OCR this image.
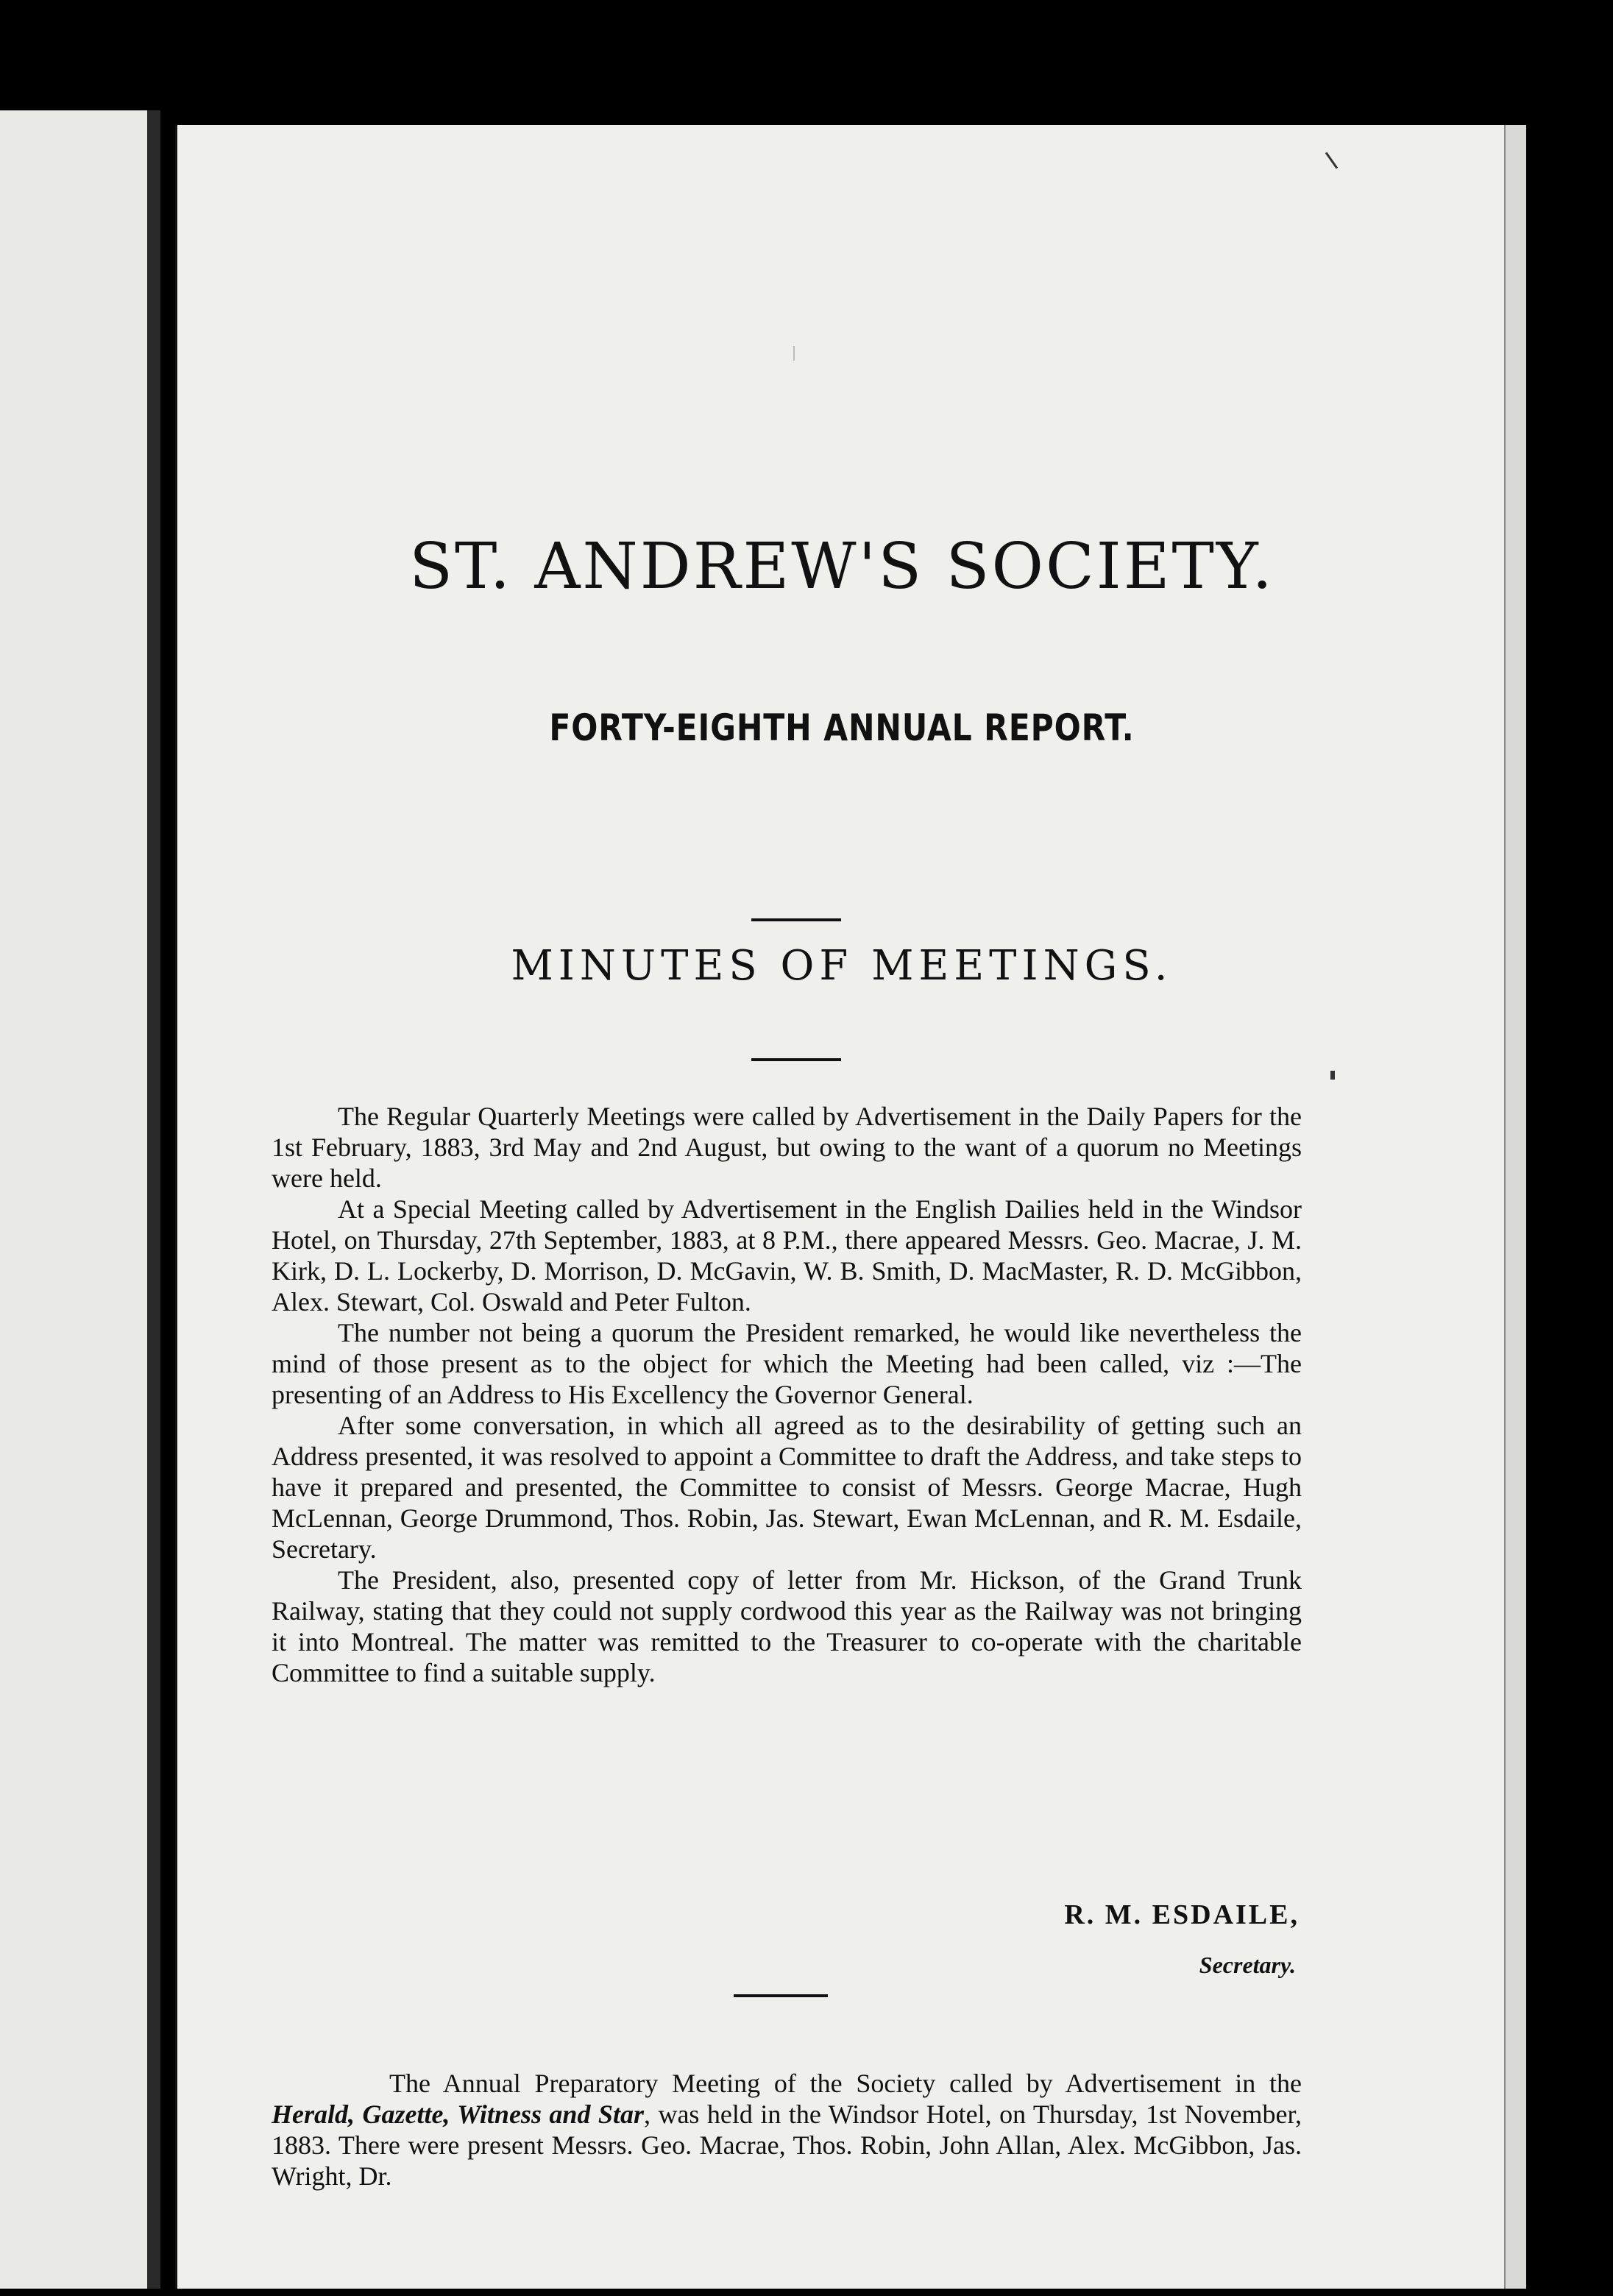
ST. ANDREW'S SOCIETY.
FORTY-EIGHTH ANNUAL REPORT.
MINUTES OF MEETINGS.

The Regular Quarterly Meetings were called by Advertisement in the Daily Papers for the 1st February, 1883, 3rd May and 2nd August, but owing to the want of a quorum no Meetings were held.

At a Special Meeting called by Advertisement in the English Dailies held in the Windsor Hotel, on Thursday, 27th September, 1883, at 8 P.M., there appeared Messrs. Geo. Macrae, J. M. Kirk, D. L. Lockerby, D. Morrison, D. McGavin, W. B. Smith, D. MacMaster, R. D. McGibbon, Alex. Stewart, Col. Oswald and Peter Fulton.

The number not being a quorum the President remarked, he would like nevertheless the mind of those present as to the object for which the Meeting had been called, viz :—The presenting of an Address to His Excellency the Governor General.

After some conversation, in which all agreed as to the desirability of getting such an Address presented, it was resolved to appoint a Committee to draft the Address, and take steps to have it prepared and presented, the Committee to consist of Messrs. George Macrae, Hugh McLennan, George Drummond, Thos. Robin, Jas. Stewart, Ewan McLennan, and R. M. Esdaile, Secretary.

The President, also, presented copy of letter from Mr. Hickson, of the Grand Trunk Railway, stating that they could not supply cordwood this year as the Railway was not bringing it into Montreal. The matter was remitted to the Treasurer to co-operate with the charitable Committee to find a suitable supply.

R. M. ESDAILE,
Secretary.

The Annual Preparatory Meeting of the Society called by Advertisement in the Herald, Gazette, Witness and Star, was held in the Windsor Hotel, on Thursday, 1st November, 1883. There were present Messrs. Geo. Macrae, Thos. Robin, John Allan, Alex. McGibbon, Jas. Wright, Dr.
